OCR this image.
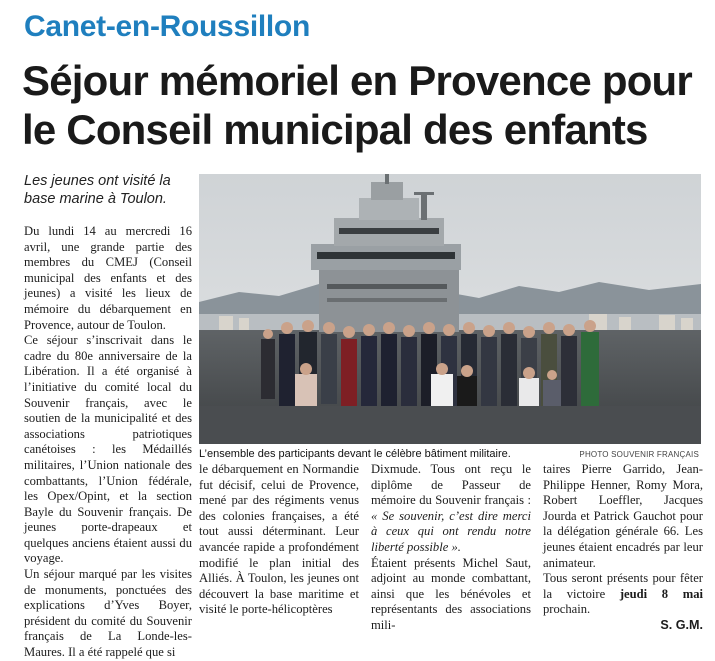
Canet-en-Roussillon
Séjour mémoriel en Provence pour
le Conseil municipal des enfants
Les jeunes ont visité la base marine à Toulon.

Du lundi 14 au mercredi 16 avril, une grande partie des membres du CMEJ (Conseil municipal des enfants et des jeunes) a visité les lieux de mémoire du débarquement en Provence, autour de Toulon.

Ce séjour s’inscrivait dans le cadre du 80e anniversaire de la Libération. Il a été organisé à l’initiative du comité local du Souvenir français, avec le soutien de la municipalité et des associations patriotiques canétoises : les Médaillés militaires, l’Union nationale des combattants, l’Union fédérale, les Opex/Opint, et la section Bayle du Souvenir français. De jeunes porte-drapeaux et quelques anciens étaient aussi du voyage.

Un séjour marqué par les visites de monuments, ponctuées des explications d’Yves Boyer, président du comité du Souvenir français de La Londe-les-Maures. Il a été rappelé que si

L’ensemble des participants devant le célèbre bâtiment militaire.	PHOTO SOUVENIR FRANÇAIS

le débarquement en Normandie fut décisif, celui de Provence, mené par des régiments venus des colonies françaises, a été tout aussi déterminant. Leur avancée rapide a profondément modifié le plan initial des Alliés. À Toulon, les jeunes ont découvert la base maritime et visité le porte-hélicoptères

Dixmude. Tous ont reçu le diplôme de Passeur de mémoire du Souvenir français : « Se souvenir, c’est dire merci à ceux qui ont rendu notre liberté possible ».

Étaient présents Michel Saut, adjoint au monde combattant, ainsi que les bénévoles et représentants des associations mili-

taires Pierre Garrido, Jean-Philippe Henner, Romy Mora, Robert Loeffler, Jacques Jourda et Patrick Gauchot pour la délégation générale 66. Les jeunes étaient encadrés par leur animateur.

Tous seront présents pour fêter la victoire jeudi 8 mai prochain.

S. G.M.
